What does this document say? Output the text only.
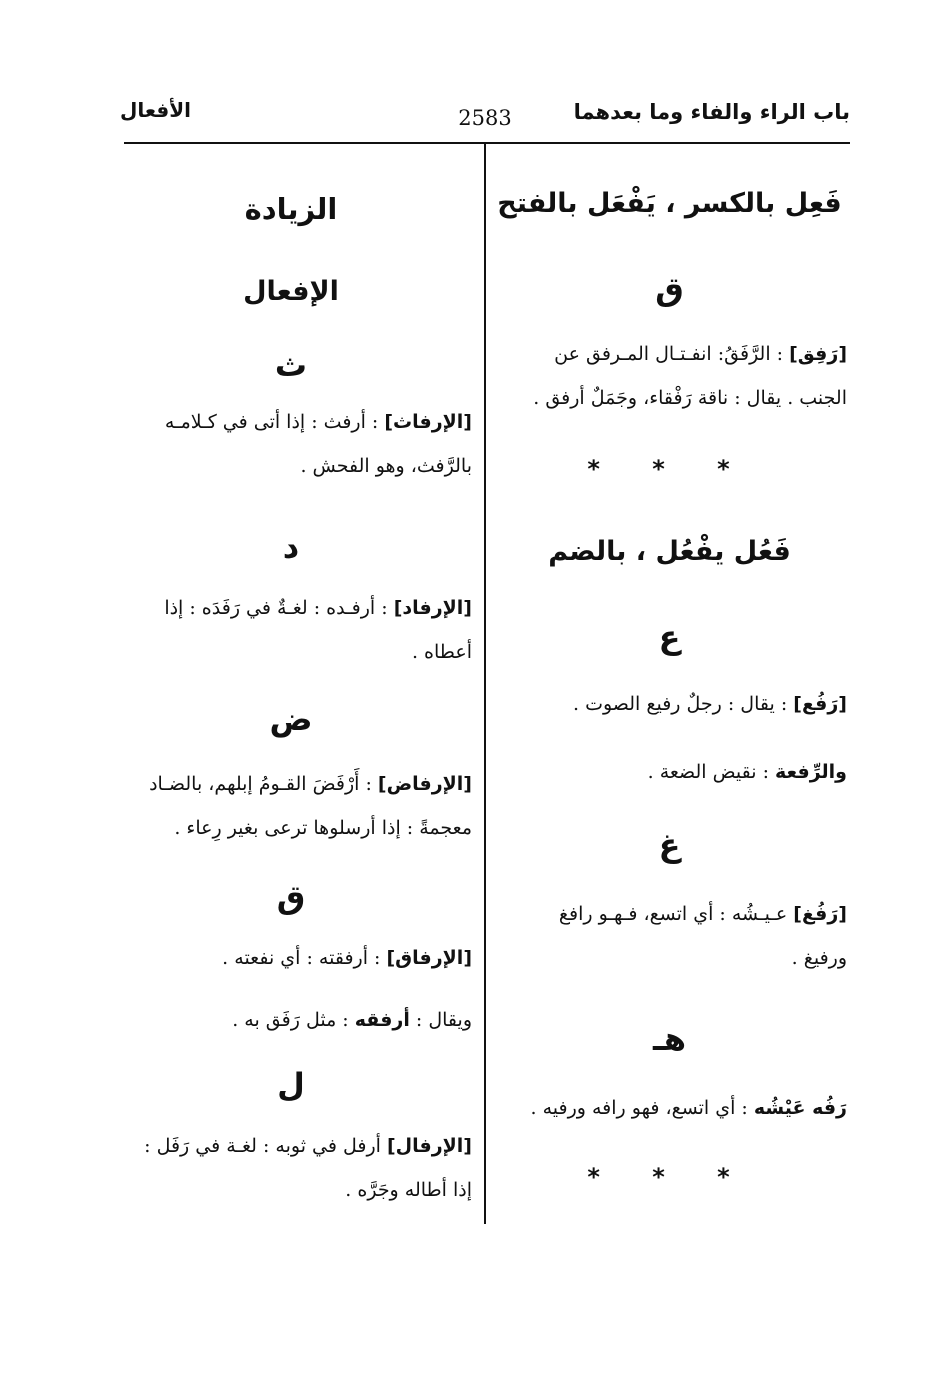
باب الراء والفاء وما بعدهما
2583
الأفعال
فَعِل بالكسر ، يَفْعَل بالفتح
ق
[رَفِق] : الرَّفَقُ: انفـتـال المـرفق عن
الجنب . يقال : ناقة رَفْقاء، وجَمَلٌ أرفق .
* * *
فَعُل يفْعُل ، بالضم
ع
[رَفُع] : يقال : رجلٌ رفيع الصوت .
والرِّفعة : نقيض الضعة .
غ
[رَفُغ] عـيـشُه : أي اتسع، فـهـو رافغ
ورفيغ .
هـ
رَفُه عَيْشُه : أي اتسع، فهو رافه ورفيه .
* * *
الزيادة
الإفعال
ث
[الإرفاث] : أرفث : إذا أتى في كـلامـه
بالرَّفث، وهو الفحش .
د
[الإرفاد] : أرفـده : لغـةٌ في رَفَدَه : إذا
أعطاه .
ض
[الإرفاض] : أَرْفَضَ القـومُ إبلهم، بالضـاد
معجمةً : إذا أرسلوها ترعى بغير رِعاء .
ق
[الإرفاق] : أرفقته : أي نفعته .
ويقال : أرفقه : مثل رَفَق به .
ل
[الإرفال] أرفل في ثوبه : لغـة في رَفَل :
إذا أطاله وجَرَّه .
